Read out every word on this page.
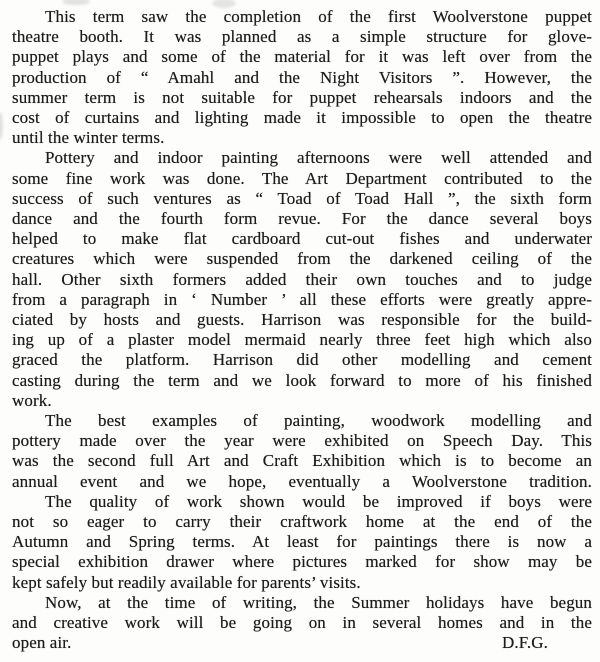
This term saw the completion of the first Woolverstone puppet
theatre booth. It was planned as a simple structure for glove-
puppet plays and some of the material for it was left over from the
production of “ Amahl and the Night Visitors ”. However, the
summer term is not suitable for puppet rehearsals indoors and the
cost of curtains and lighting made it impossible to open the theatre
until the winter terms.
Pottery and indoor painting afternoons were well attended and
some fine work was done. The Art Department contributed to the
success of such ventures as “ Toad of Toad Hall ”, the sixth form
dance and the fourth form revue. For the dance several boys
helped to make flat cardboard cut-out fishes and underwater
creatures which were suspended from the darkened ceiling of the
hall. Other sixth formers added their own touches and to judge
from a paragraph in ‘ Number ’ all these efforts were greatly appre-
ciated by hosts and guests. Harrison was responsible for the build-
ing up of a plaster model mermaid nearly three feet high which also
graced the platform. Harrison did other modelling and cement
casting during the term and we look forward to more of his finished
work.
The best examples of painting, woodwork modelling and
pottery made over the year were exhibited on Speech Day. This
was the second full Art and Craft Exhibition which is to become an
annual event and we hope, eventually a Woolverstone tradition.
The quality of work shown would be improved if boys were
not so eager to carry their craftwork home at the end of the
Autumn and Spring terms. At least for paintings there is now a
special exhibition drawer where pictures marked for show may be
kept safely but readily available for parents’ visits.
Now, at the time of writing, the Summer holidays have begun
and creative work will be going on in several homes and in the
open air.	D.F.G.
